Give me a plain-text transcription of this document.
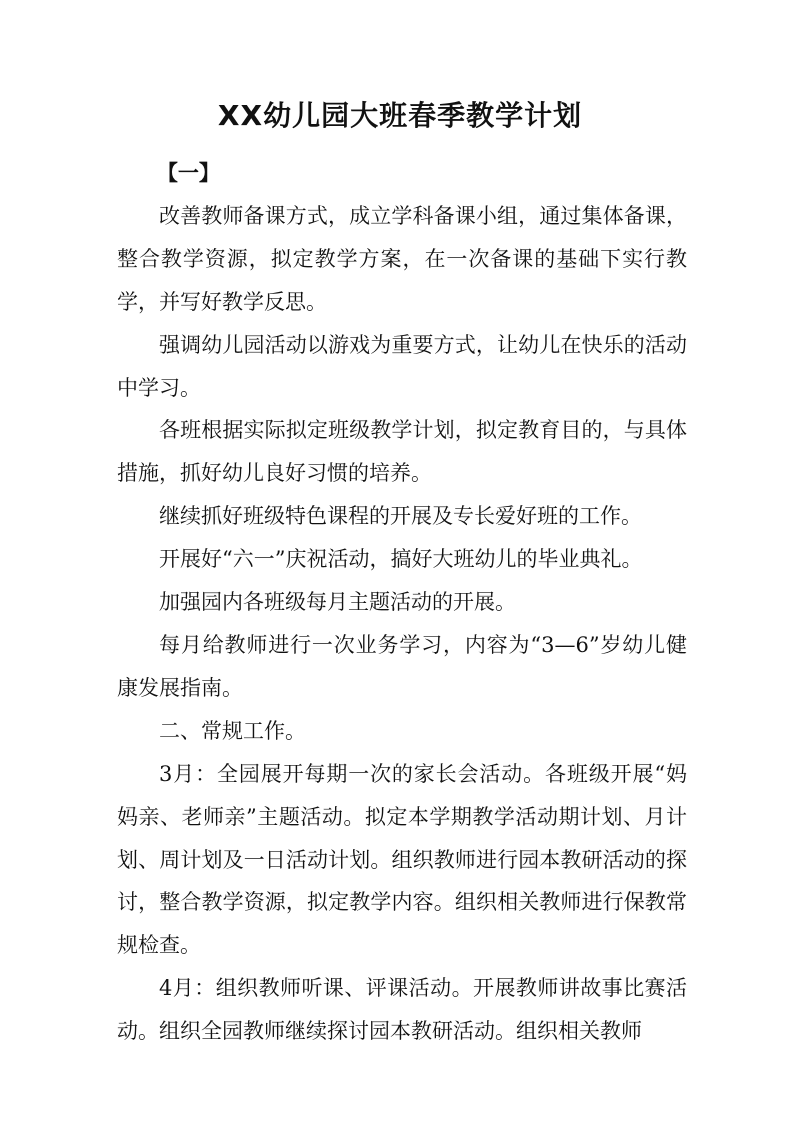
XX幼儿园大班春季教学计划

【一】

改善教师备课方式，成立学科备课小组，通过集体备课，整合教学资源，拟定教学方案，在一次备课的基础下实行教学，并写好教学反思。

强调幼儿园活动以游戏为重要方式，让幼儿在快乐的活动中学习。

各班根据实际拟定班级教学计划，拟定教育目的，与具体措施，抓好幼儿良好习惯的培养。

继续抓好班级特色课程的开展及专长爱好班的工作。

开展好“六一”庆祝活动，搞好大班幼儿的毕业典礼。

加强园内各班级每月主题活动的开展。

每月给教师进行一次业务学习，内容为“3—6”岁幼儿健康发展指南。

二、常规工作。

3月：全园展开每期一次的家长会活动。各班级开展“妈妈亲、老师亲”主题活动。拟定本学期教学活动期计划、月计划、周计划及一日活动计划。组织教师进行园本教研活动的探讨，整合教学资源，拟定教学内容。组织相关教师进行保教常规检查。

4月：组织教师听课、评课活动。开展教师讲故事比赛活动。组织全园教师继续探讨园本教研活动。组织相关教师
